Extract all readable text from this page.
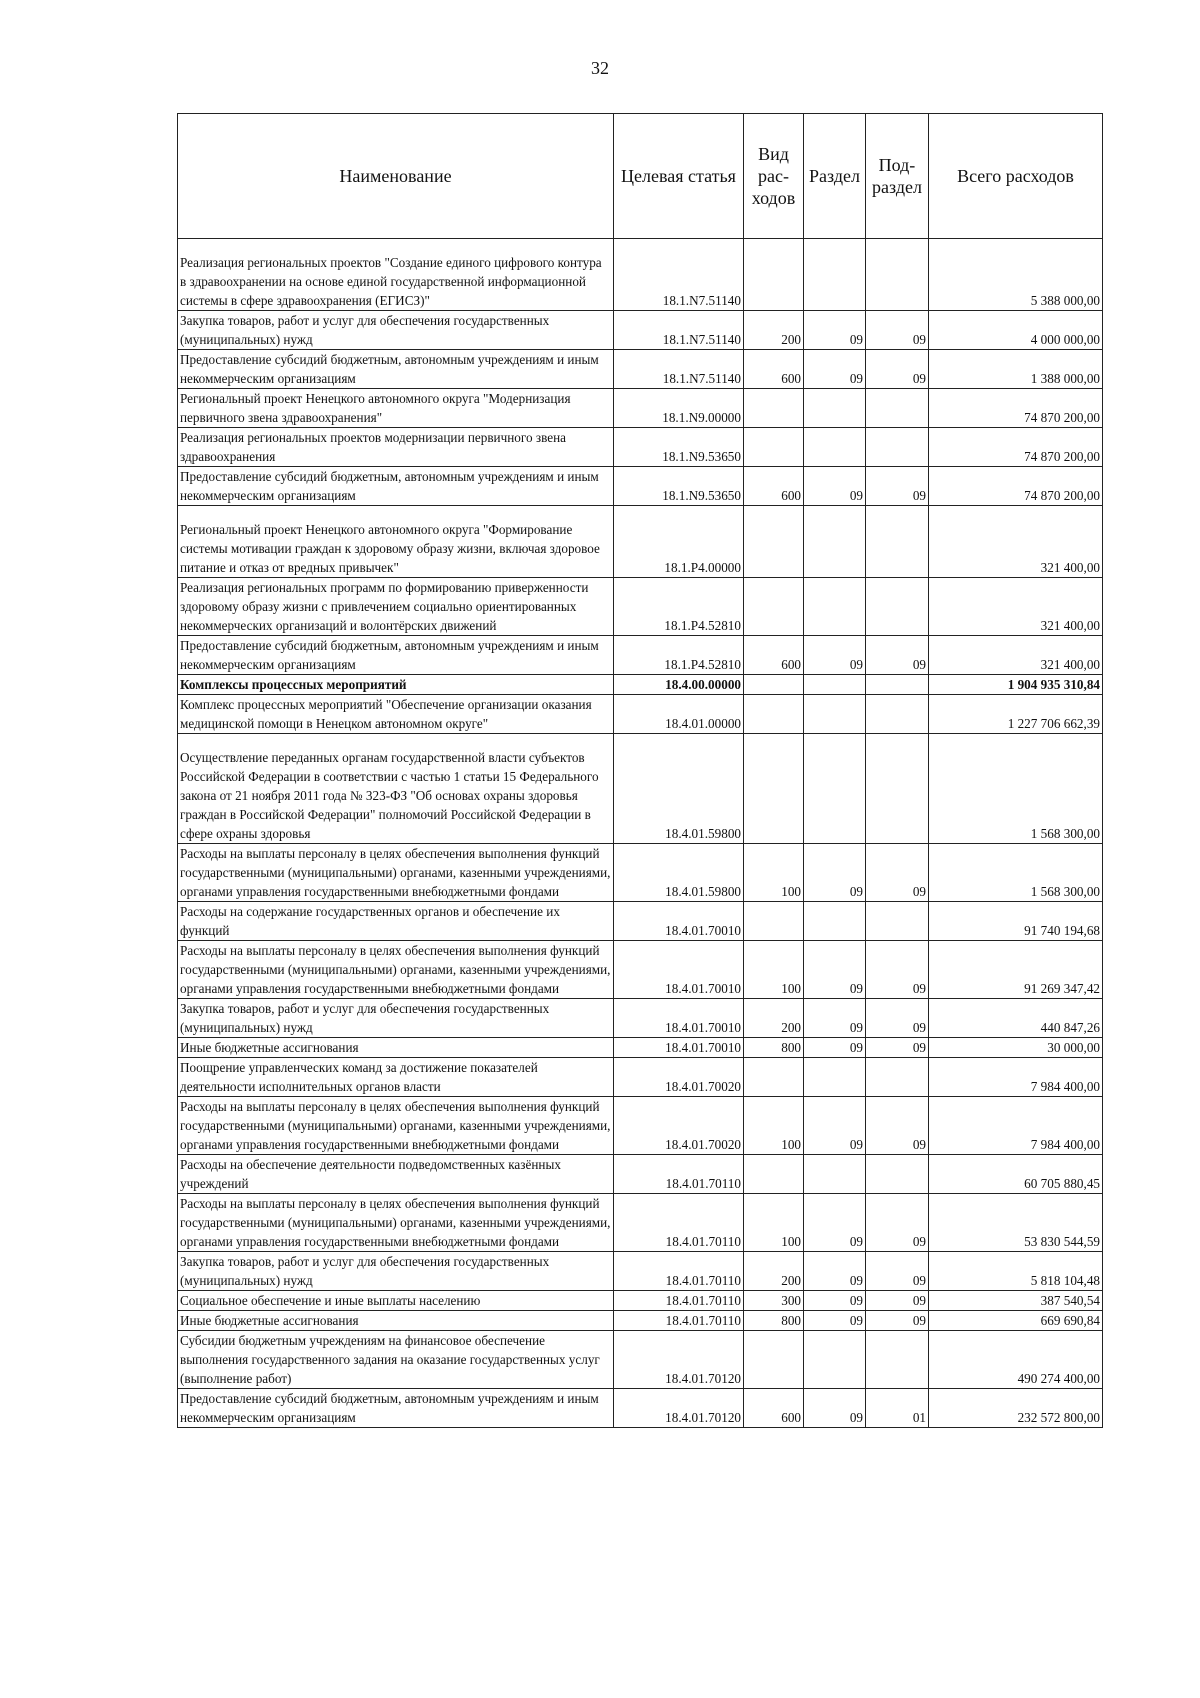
32
Наименование	Целевая статья	Вид рас- ходов	Раздел	Под- раздел	Всего расходов
Реализация региональных проектов "Создание единого цифрового контура в здравоохранении на основе единой государственной информационной системы в сфере здравоохранения (ЕГИСЗ)"	18.1.N7.51140				5 388 000,00
Закупка товаров, работ и услуг для обеспечения государственных (муниципальных) нужд	18.1.N7.51140	200	09	09	4 000 000,00
Предоставление субсидий бюджетным, автономным учреждениям и иным некоммерческим организациям	18.1.N7.51140	600	09	09	1 388 000,00
Региональный проект Ненецкого автономного округа "Модернизация первичного звена здравоохранения"	18.1.N9.00000				74 870 200,00
Реализация региональных проектов модернизации первичного звена здравоохранения	18.1.N9.53650				74 870 200,00
Предоставление субсидий бюджетным, автономным учреждениям и иным некоммерческим организациям	18.1.N9.53650	600	09	09	74 870 200,00
Региональный проект Ненецкого автономного округа "Формирование системы мотивации граждан к здоровому образу жизни, включая здоровое питание и отказ от вредных привычек"	18.1.P4.00000				321 400,00
Реализация региональных программ по формированию приверженности здоровому образу жизни с привлечением социально ориентированных некоммерческих организаций и волонтёрских движений	18.1.P4.52810				321 400,00
Предоставление субсидий бюджетным, автономным учреждениям и иным некоммерческим организациям	18.1.P4.52810	600	09	09	321 400,00
Комплексы процессных мероприятий	18.4.00.00000				1 904 935 310,84
Комплекс процессных мероприятий "Обеспечение организации оказания медицинской помощи в Ненецком автономном округе"	18.4.01.00000				1 227 706 662,39
Осуществление переданных органам государственной власти субъектов Российской Федерации в соответствии с частью 1 статьи 15 Федерального закона от 21 ноября 2011 года № 323-ФЗ "Об основах охраны здоровья граждан в Российской Федерации" полномочий Российской Федерации в сфере охраны здоровья	18.4.01.59800				1 568 300,00
Расходы на выплаты персоналу в целях обеспечения выполнения функций государственными (муниципальными) органами, казенными учреждениями, органами управления государственными внебюджетными фондами	18.4.01.59800	100	09	09	1 568 300,00
Расходы на содержание государственных органов и обеспечение их функций	18.4.01.70010				91 740 194,68
Расходы на выплаты персоналу в целях обеспечения выполнения функций государственными (муниципальными) органами, казенными учреждениями, органами управления государственными внебюджетными фондами	18.4.01.70010	100	09	09	91 269 347,42
Закупка товаров, работ и услуг для обеспечения государственных (муниципальных) нужд	18.4.01.70010	200	09	09	440 847,26
Иные бюджетные ассигнования	18.4.01.70010	800	09	09	30 000,00
Поощрение управленческих команд за достижение показателей деятельности исполнительных органов власти	18.4.01.70020				7 984 400,00
Расходы на выплаты персоналу в целях обеспечения выполнения функций государственными (муниципальными) органами, казенными учреждениями, органами управления государственными внебюджетными фондами	18.4.01.70020	100	09	09	7 984 400,00
Расходы на обеспечение деятельности подведомственных казённых учреждений	18.4.01.70110				60 705 880,45
Расходы на выплаты персоналу в целях обеспечения выполнения функций государственными (муниципальными) органами, казенными учреждениями, органами управления государственными внебюджетными фондами	18.4.01.70110	100	09	09	53 830 544,59
Закупка товаров, работ и услуг для обеспечения государственных (муниципальных) нужд	18.4.01.70110	200	09	09	5 818 104,48
Социальное обеспечение и иные выплаты населению	18.4.01.70110	300	09	09	387 540,54
Иные бюджетные ассигнования	18.4.01.70110	800	09	09	669 690,84
Субсидии бюджетным учреждениям на финансовое обеспечение выполнения государственного задания на оказание государственных услуг (выполнение работ)	18.4.01.70120				490 274 400,00
Предоставление субсидий бюджетным, автономным учреждениям и иным некоммерческим организациям	18.4.01.70120	600	09	01	232 572 800,00
